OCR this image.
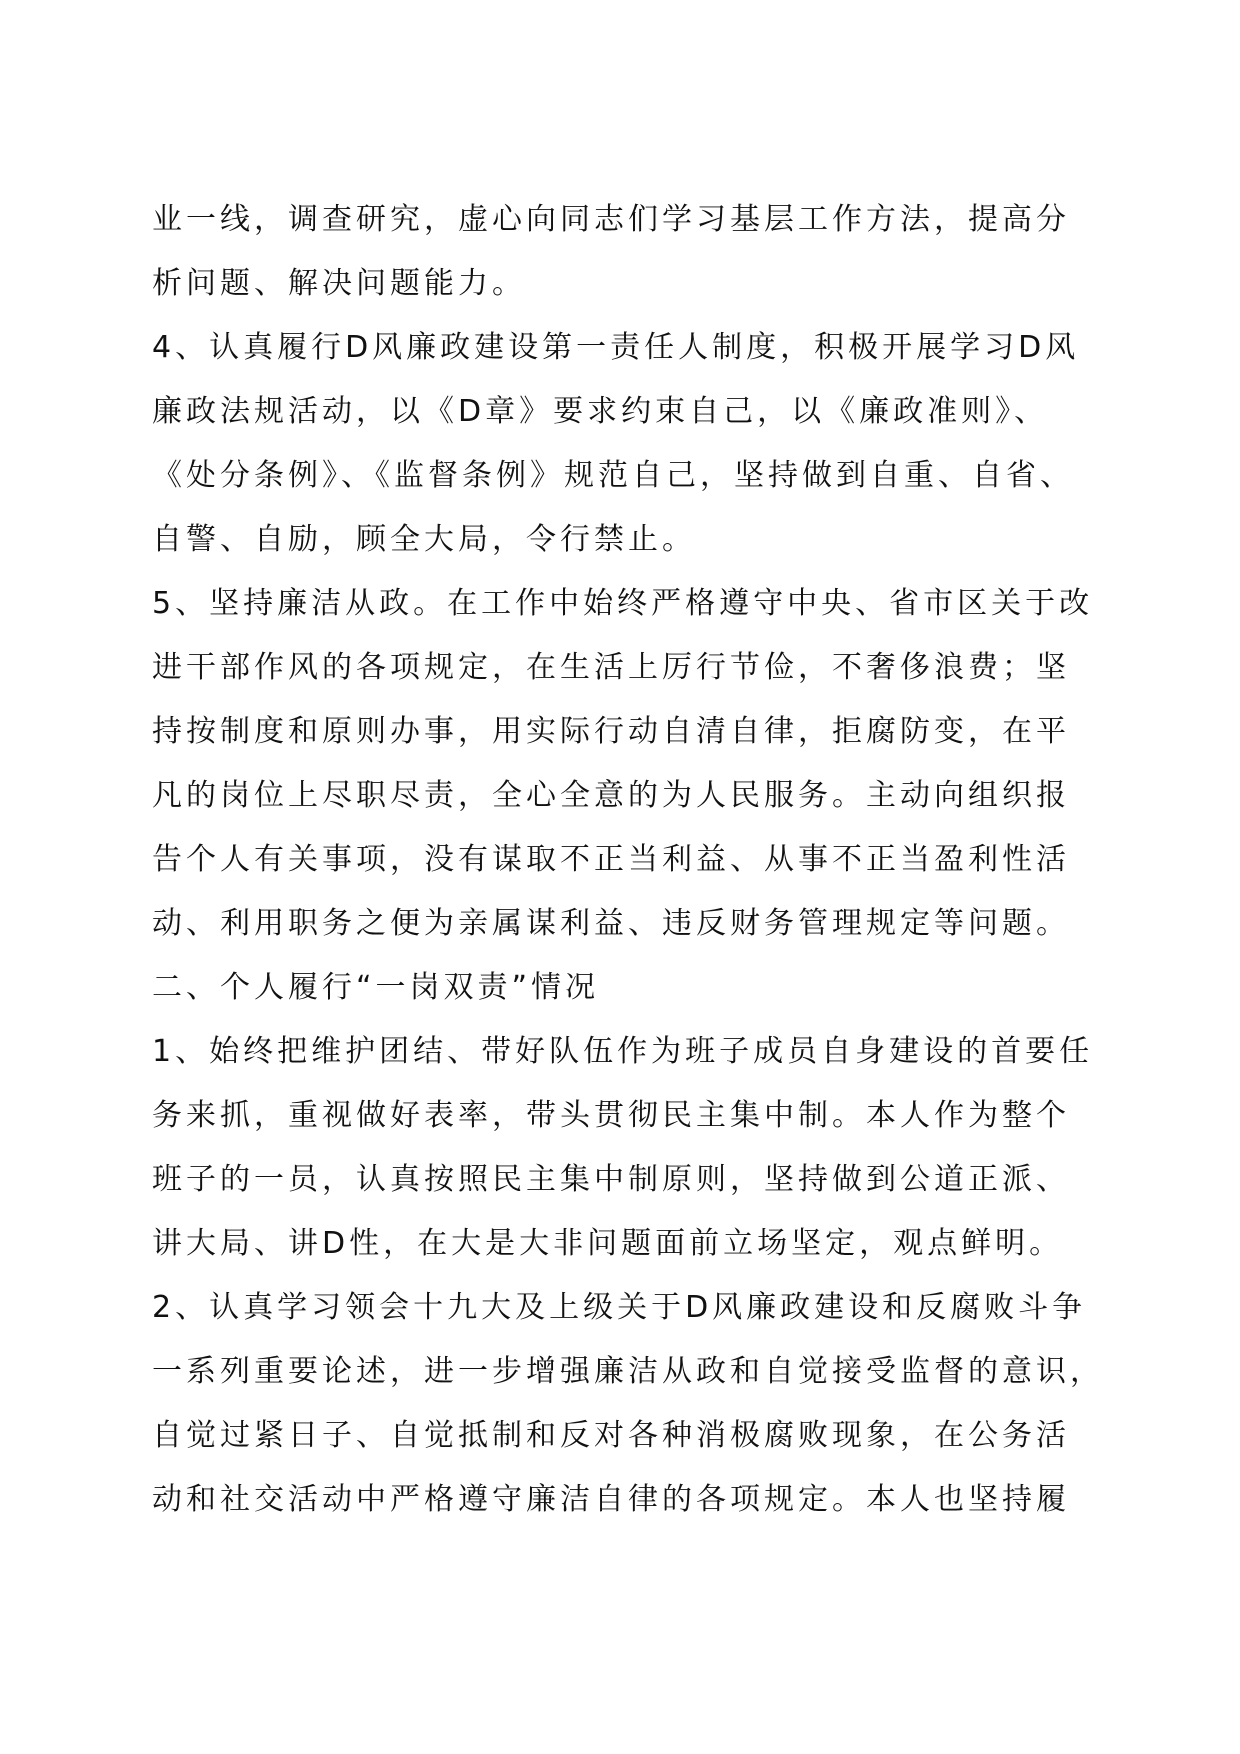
业一线，调查研究，虚心向同志们学习基层工作方法，提高分
析问题、解决问题能力。
4、认真履行D风廉政建设第一责任人制度，积极开展学习D风
廉政法规活动，以《D章》要求约束自己，以《廉政准则》、
《处分条例》、《监督条例》规范自己，坚持做到自重、自省、
自警、自励，顾全大局，令行禁止。
5、坚持廉洁从政。在工作中始终严格遵守中央、省市区关于改
进干部作风的各项规定，在生活上厉行节俭，不奢侈浪费；坚
持按制度和原则办事，用实际行动自清自律，拒腐防变，在平
凡的岗位上尽职尽责，全心全意的为人民服务。主动向组织报
告个人有关事项，没有谋取不正当利益、从事不正当盈利性活
动、利用职务之便为亲属谋利益、违反财务管理规定等问题。
二、个人履行“一岗双责”情况
1、始终把维护团结、带好队伍作为班子成员自身建设的首要任
务来抓，重视做好表率，带头贯彻民主集中制。本人作为整个
班子的一员，认真按照民主集中制原则，坚持做到公道正派、
讲大局、讲D性，在大是大非问题面前立场坚定，观点鲜明。
2、认真学习领会十九大及上级关于D风廉政建设和反腐败斗争
一系列重要论述，进一步增强廉洁从政和自觉接受监督的意识，
自觉过紧日子、自觉抵制和反对各种消极腐败现象，在公务活
动和社交活动中严格遵守廉洁自律的各项规定。本人也坚持履
